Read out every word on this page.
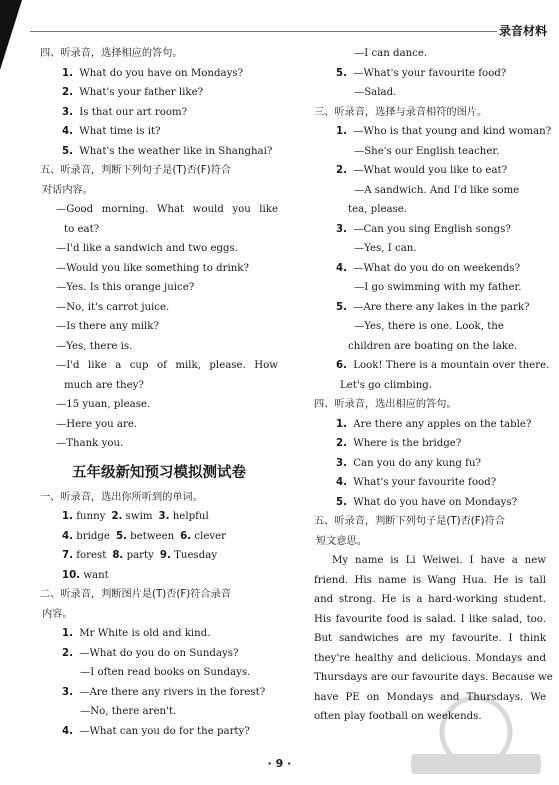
录音材料
四、听录音，选择相应的答句。
1. What do you have on Mondays?
2. What's your father like?
3. Is that our art room?
4. What time is it?
5. What's the weather like in Shanghai?
五、听录音，判断下列句子是(T)否(F)符合
对话内容。
—Good morning. What would you like
to eat?
—I'd like a sandwich and two eggs.
—Would you like something to drink?
—Yes. Is this orange juice?
—No, it's carrot juice.
—Is there any milk?
—Yes, there is.
—I'd like a cup of milk, please. How
much are they?
—15 yuan, please.
—Here you are.
—Thank you.
五年级新知预习模拟测试卷
一、听录音，选出你所听到的单词。
1. funny 2. swim 3. helpful
4. bridge 5. between 6. clever
7. forest 8. party 9. Tuesday
10. want
二、听录音，判断图片是(T)否(F)符合录音
内容。
1. Mr White is old and kind.
2. —What do you do on Sundays?
—I often read books on Sundays.
3. —Are there any rivers in the forest?
—No, there aren't.
4. —What can you do for the party?
—I can dance.
5. —What's your favourite food?
—Salad.
三、听录音，选择与录音相符的图片。
1. —Who is that young and kind woman?
—She's our English teacher.
2. —What would you like to eat?
—A sandwich. And I'd like some
tea, please.
3. —Can you sing English songs?
—Yes, I can.
4. —What do you do on weekends?
—I go swimming with my father.
5. —Are there any lakes in the park?
—Yes, there is one. Look, the
children are boating on the lake.
6. Look! There is a mountain over there.
Let's go climbing.
四、听录音，选出相应的答句。
1. Are there any apples on the table?
2. Where is the bridge?
3. Can you do any kung fu?
4. What's your favourite food?
5. What do you have on Mondays?
五、听录音，判断下列句子是(T)否(F)符合
短文意思。
My name is Li Weiwei. I have a new
friend. His name is Wang Hua. He is tall
and strong. He is a hard-working student.
His favourite food is salad. I like salad, too.
But sandwiches are my favourite. I think
they're healthy and delicious. Mondays and
Thursdays are our favourite days. Because we
have PE on Mondays and Thursdays. We
often play football on weekends.
· 9 ·
